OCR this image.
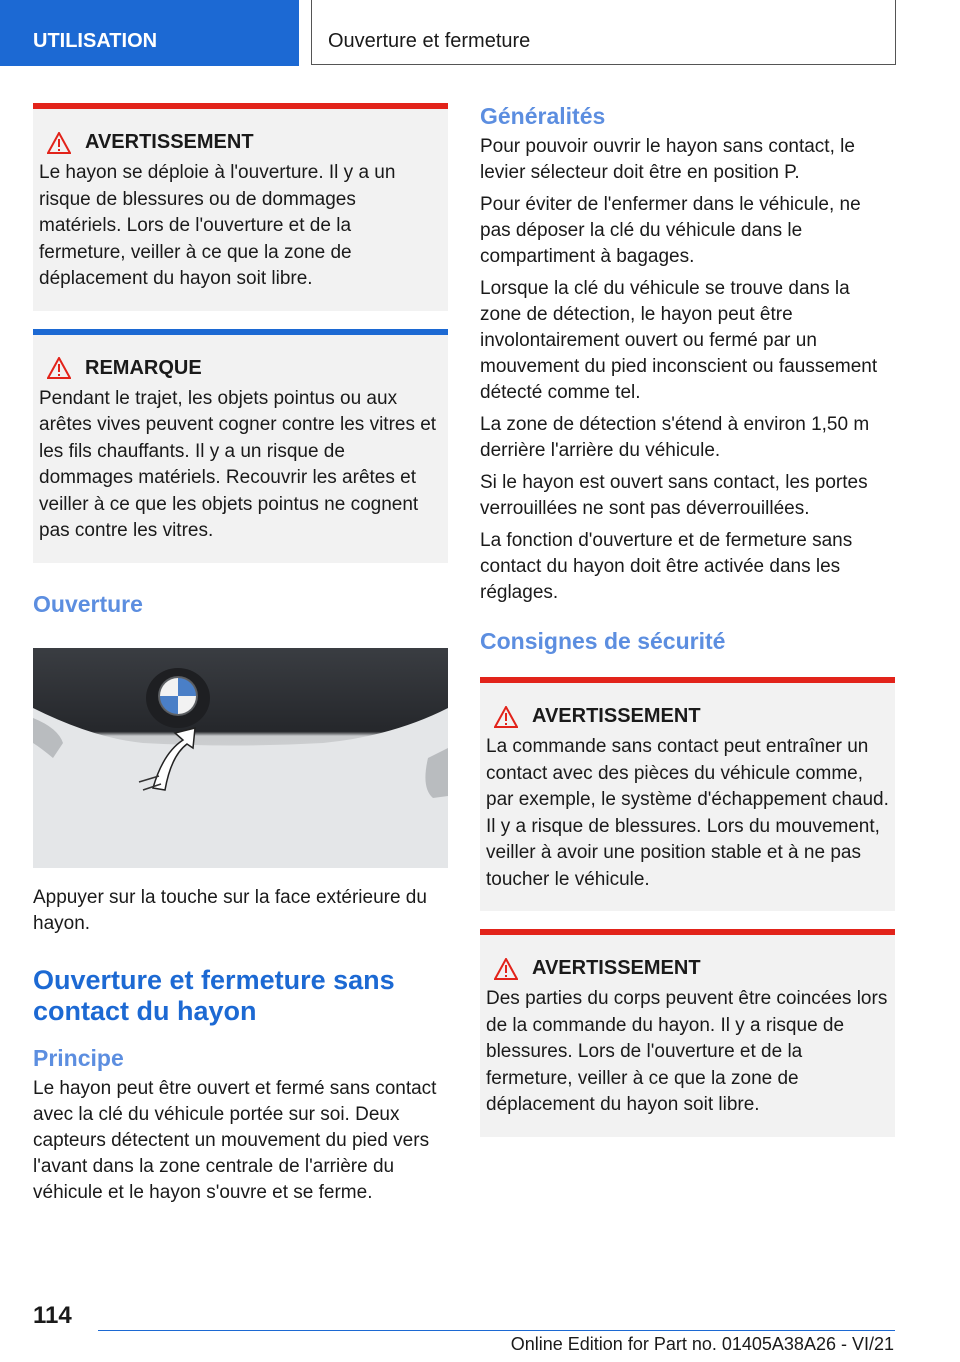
UTILISATION	Ouverture et fermeture
AVERTISSEMENT

Le hayon se déploie à l'ouverture. Il y a un risque de blessures ou de dommages matériels. Lors de l'ouverture et de la fermeture, veiller à ce que la zone de déplacement du hayon soit libre.

REMARQUE

Pendant le trajet, les objets pointus ou aux arêtes vives peuvent cogner contre les vitres et les fils chauffants. Il y a un risque de dommages matériels. Recouvrir les arêtes et veiller à ce que les objets pointus ne cognent pas contre les vitres.

Ouverture

Appuyer sur la touche sur la face extérieure du hayon.

Ouverture et fermeture sans contact du hayon
Principe

Le hayon peut être ouvert et fermé sans contact avec la clé du véhicule portée sur soi. Deux capteurs détectent un mouvement du pied vers l'avant dans la zone centrale de l'arrière du véhicule et le hayon s'ouvre et se ferme.

Généralités

Pour pouvoir ouvrir le hayon sans contact, le levier sélecteur doit être en position P.

Pour éviter de l'enfermer dans le véhicule, ne pas déposer la clé du véhicule dans le compartiment à bagages.

Lorsque la clé du véhicule se trouve dans la zone de détection, le hayon peut être involontairement ouvert ou fermé par un mouvement du pied inconscient ou faussement détecté comme tel.

La zone de détection s'étend à environ 1,50 m derrière l'arrière du véhicule.

Si le hayon est ouvert sans contact, les portes verrouillées ne sont pas déverrouillées.

La fonction d'ouverture et de fermeture sans contact du hayon doit être activée dans les réglages.

Consignes de sécurité
AVERTISSEMENT

La commande sans contact peut entraîner un contact avec des pièces du véhicule comme, par exemple, le système d'échappement chaud. Il y a risque de blessures. Lors du mouvement, veiller à avoir une position stable et à ne pas toucher le véhicule.

AVERTISSEMENT

Des parties du corps peuvent être coincées lors de la commande du hayon. Il y a risque de blessures. Lors de l'ouverture et de la fermeture, veiller à ce que la zone de déplacement du hayon soit libre.

114
Online Edition for Part no. 01405A38A26 - VI/21
